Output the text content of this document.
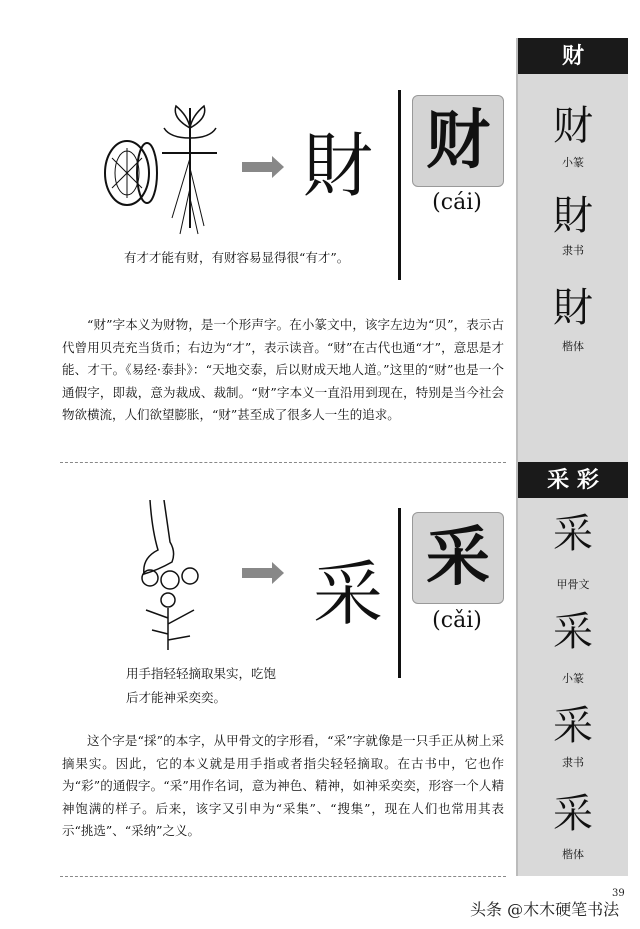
财
财
小篆
財
隶书
財
楷体
采 彩
采
甲骨文
采
小篆
采
隶书
采
楷体
財 财
(cái)
有才才能有财，有财容易显得很“有才”。
“财”字本义为财物，是一个形声字。在小篆文中，该字左边为“贝”，表示古代曾用贝壳充当货币；右边为“才”，表示读音。“财”在古代也通“才”，意思是才能、才干。《易经·泰卦》：“天地交泰，后以财成天地人道。”这里的“财”也是一个通假字，即裁，意为裁成、裁制。“财”字本义一直沿用到现在，特别是当今社会物欲横流，人们欲望膨胀，“财”甚至成了很多人一生的追求。
采 采
(cǎi)
用手指轻轻摘取果实，吃饱后才能神采奕奕。
这个字是“採”的本字，从甲骨文的字形看，“采”字就像是一只手正从树上采摘果实。因此，它的本义就是用手指或者指尖轻轻摘取。在古书中，它也作为“彩”的通假字。“采”用作名词，意为神色、精神，如神采奕奕，形容一个人精神饱满的样子。后来，该字又引申为“采集”、“搜集”，现在人们也常用其表示“挑选”、“采纳”之义。
头条 @木木硬笔书法
39
